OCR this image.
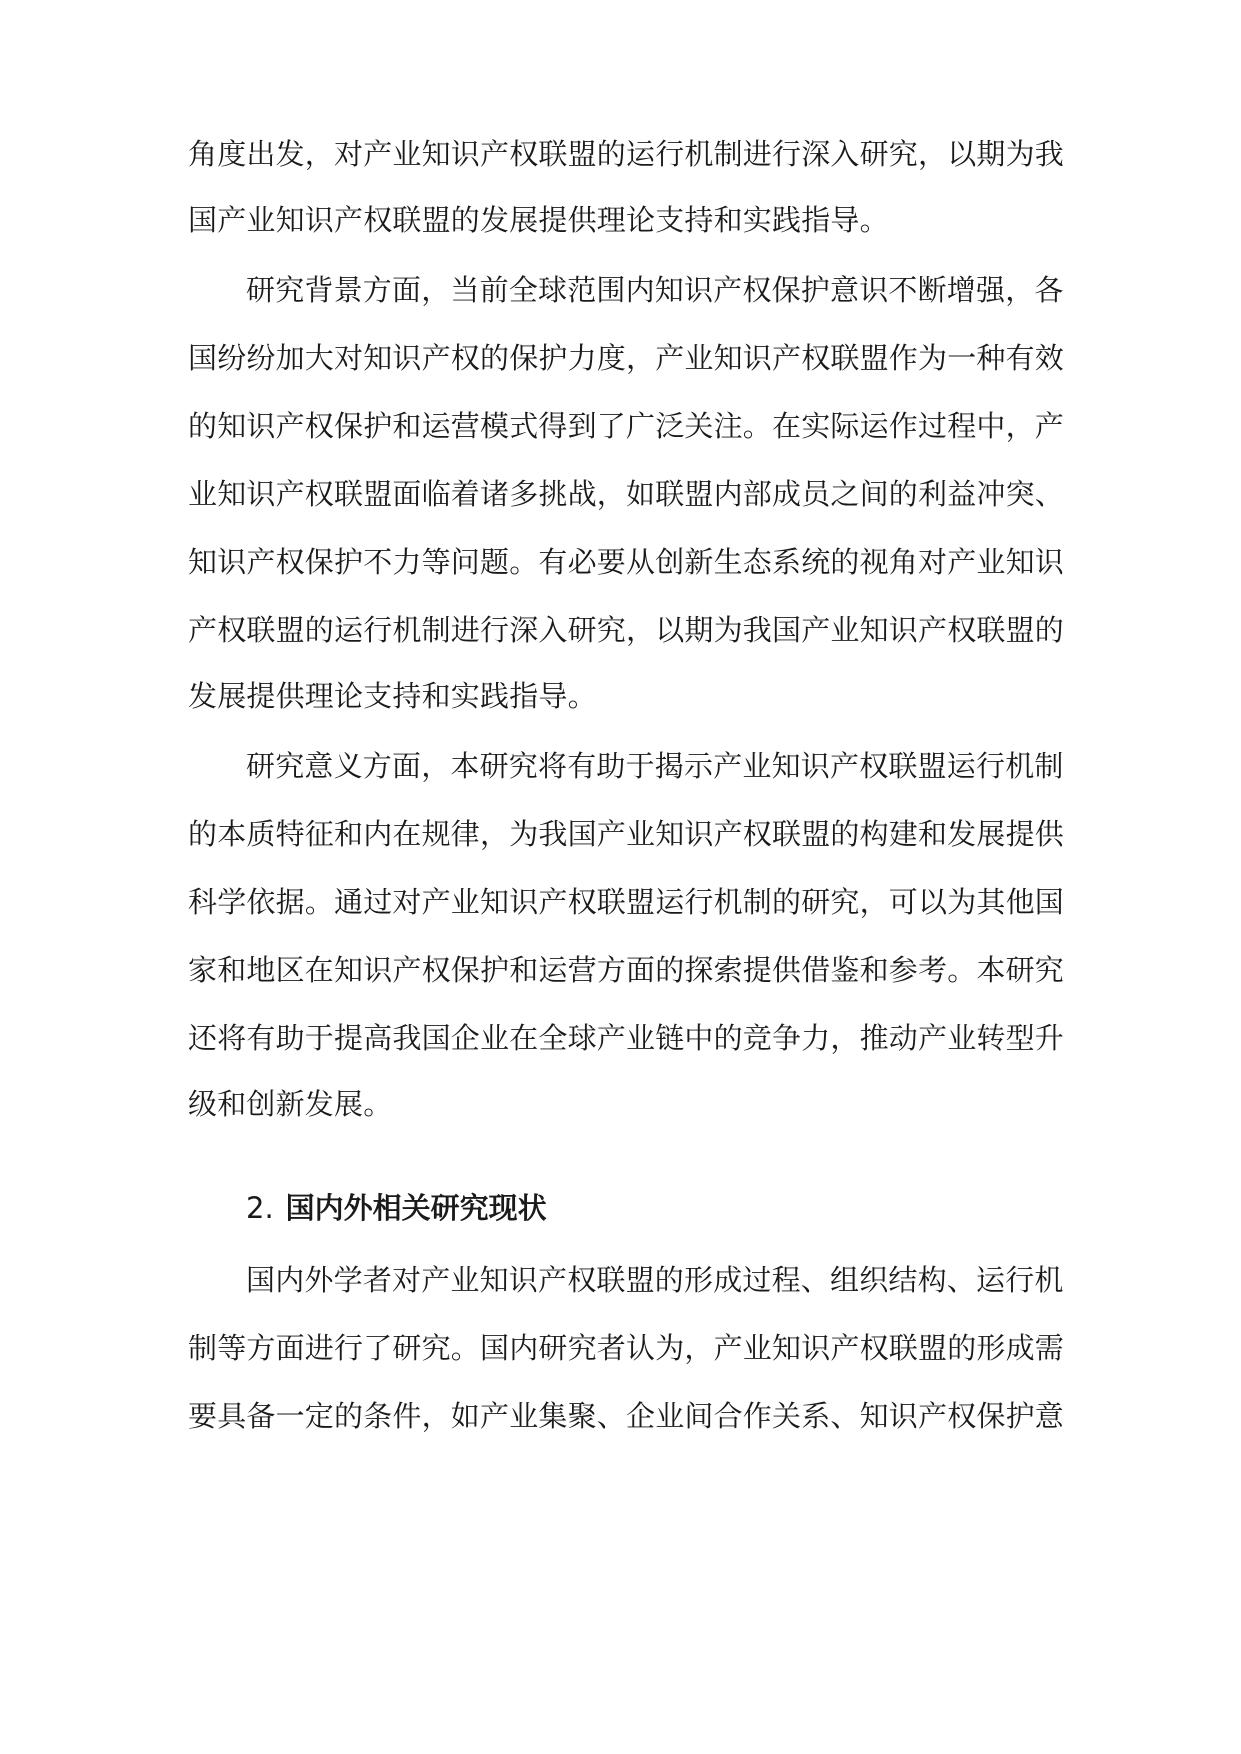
角度出发，对产业知识产权联盟的运行机制进行深入研究，以期为我
国产业知识产权联盟的发展提供理论支持和实践指导。
研究背景方面，当前全球范围内知识产权保护意识不断增强，各
国纷纷加大对知识产权的保护力度，产业知识产权联盟作为一种有效
的知识产权保护和运营模式得到了广泛关注。在实际运作过程中，产
业知识产权联盟面临着诸多挑战，如联盟内部成员之间的利益冲突、
知识产权保护不力等问题。有必要从创新生态系统的视角对产业知识
产权联盟的运行机制进行深入研究，以期为我国产业知识产权联盟的
发展提供理论支持和实践指导。
研究意义方面，本研究将有助于揭示产业知识产权联盟运行机制
的本质特征和内在规律，为我国产业知识产权联盟的构建和发展提供
科学依据。通过对产业知识产权联盟运行机制的研究，可以为其他国
家和地区在知识产权保护和运营方面的探索提供借鉴和参考。本研究
还将有助于提高我国企业在全球产业链中的竞争力，推动产业转型升
级和创新发展。
2. 国内外相关研究现状
国内外学者对产业知识产权联盟的形成过程、组织结构、运行机
制等方面进行了研究。国内研究者认为，产业知识产权联盟的形成需
要具备一定的条件，如产业集聚、企业间合作关系、知识产权保护意
